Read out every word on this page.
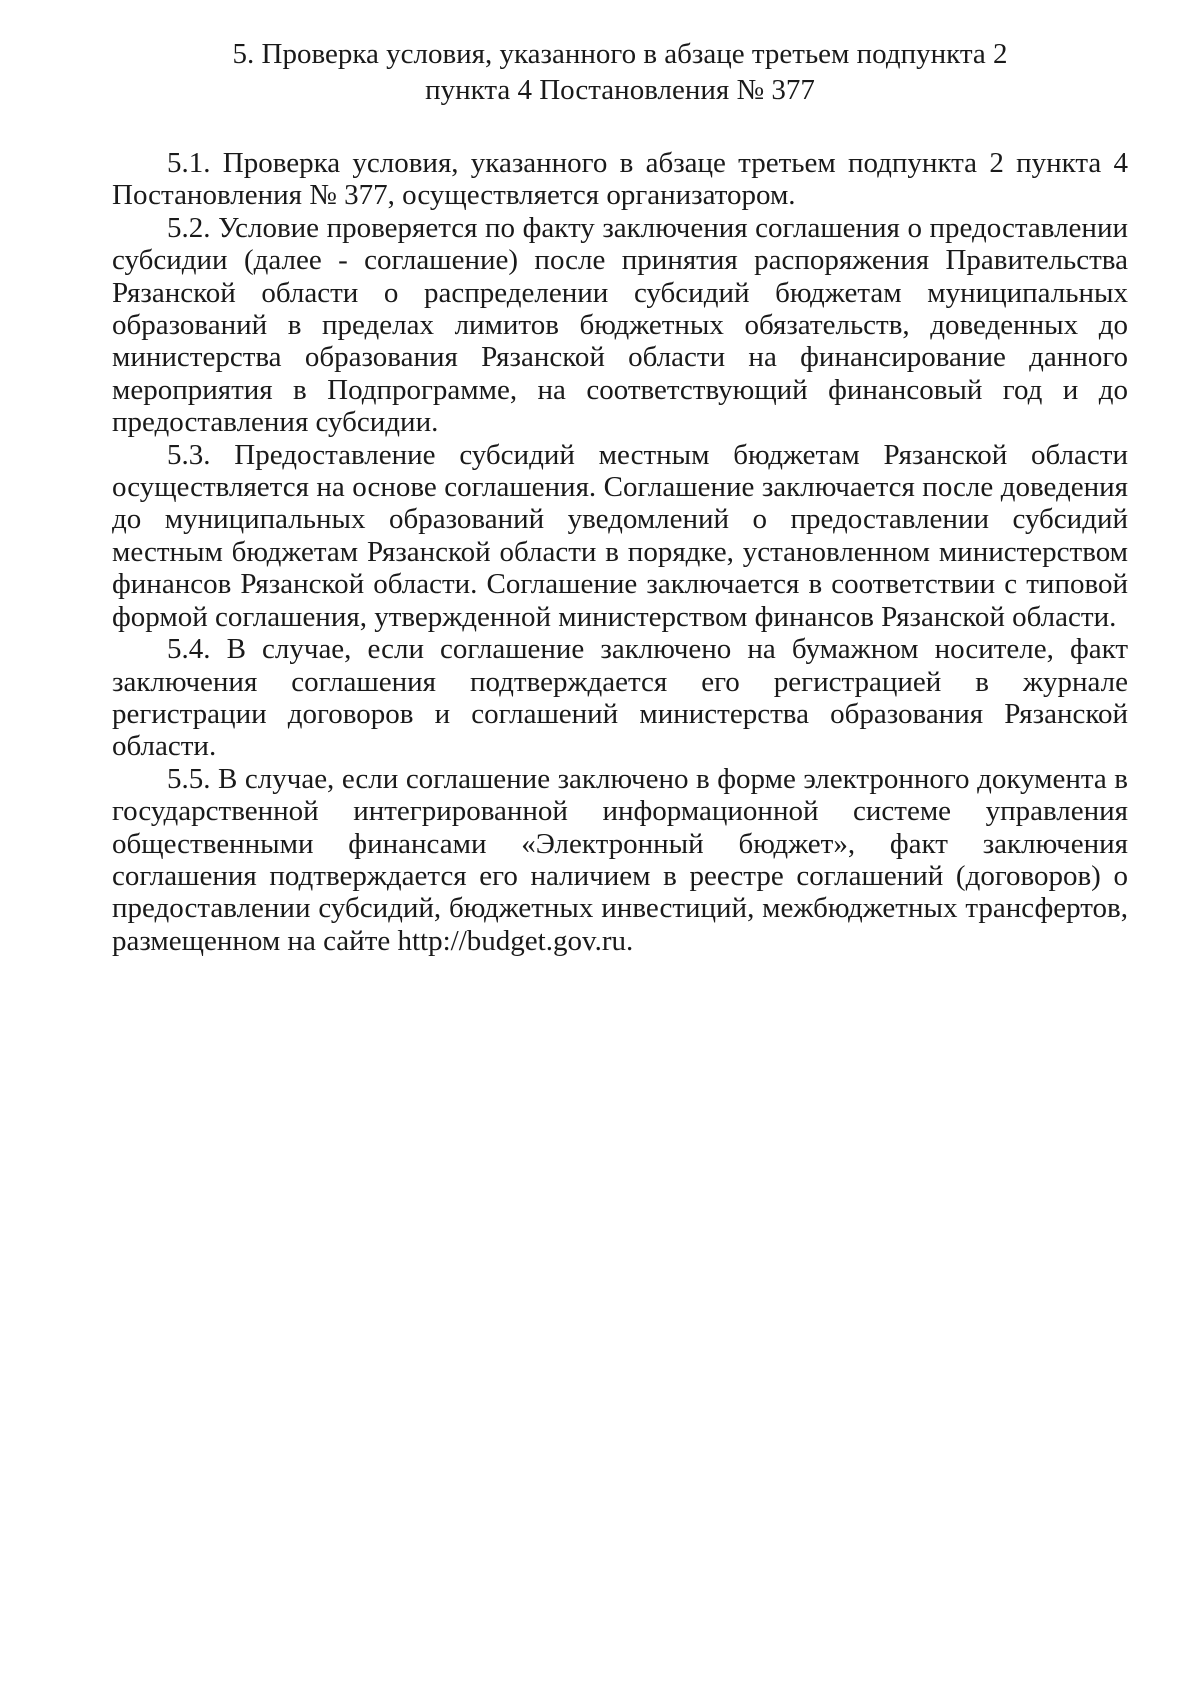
5. Проверка условия, указанного в абзаце третьем подпункта 2
пункта 4 Постановления № 377

5.1. Проверка условия, указанного в абзаце третьем подпункта 2 пункта 4 Постановления № 377, осуществляется организатором.

5.2. Условие проверяется по факту заключения соглашения о предоставлении субсидии (далее - соглашение) после принятия распоряжения Правительства Рязанской области о распределении субсидий бюджетам муниципальных образований в пределах лимитов бюджетных обязательств, доведенных до министерства образования Рязанской области на финансирование данного мероприятия в Подпрограмме, на соответствующий финансовый год и до предоставления субсидии.

5.3. Предоставление субсидий местным бюджетам Рязанской области осуществляется на основе соглашения. Соглашение заключается после доведения до муниципальных образований уведомлений о предоставлении субсидий местным бюджетам Рязанской области в порядке, установленном министерством финансов Рязанской области. Соглашение заключается в соответствии с типовой формой соглашения, утвержденной министерством финансов Рязанской области.

5.4. В случае, если соглашение заключено на бумажном носителе, факт заключения соглашения подтверждается его регистрацией в журнале регистрации договоров и соглашений министерства образования Рязанской области.

5.5. В случае, если соглашение заключено в форме электронного документа в государственной интегрированной информационной системе управления общественными финансами «Электронный бюджет», факт заключения соглашения подтверждается его наличием в реестре соглашений (договоров) о предоставлении субсидий, бюджетных инвестиций, межбюджетных трансфертов, размещенном на сайте http://budget.gov.ru.
